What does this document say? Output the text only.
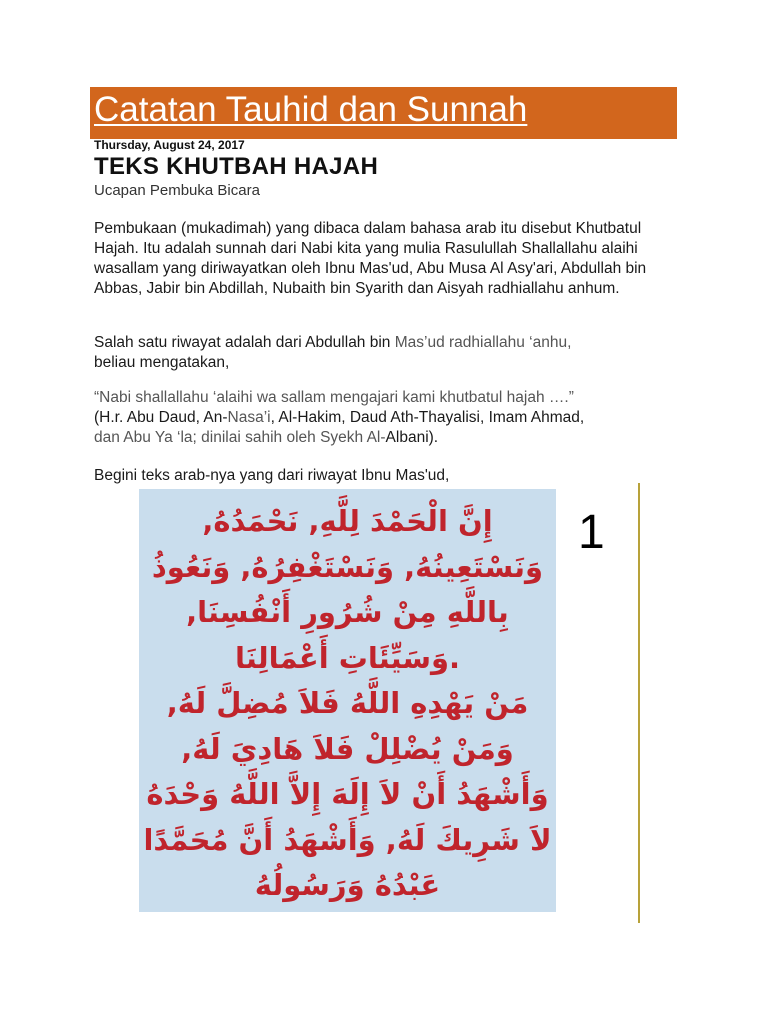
Catatan Tauhid dan Sunnah
Thursday, August 24, 2017
TEKS KHUTBAH HAJAH
Ucapan Pembuka Bicara
Pembukaan (mukadimah) yang dibaca dalam bahasa arab itu disebut Khutbatul Hajah. Itu adalah sunnah dari Nabi kita yang mulia Rasulullah Shallallahu alaihi wasallam yang diriwayatkan oleh Ibnu Mas'ud, Abu Musa Al Asy'ari, Abdullah bin Abbas, Jabir bin Abdillah, Nubaith bin Syarith dan Aisyah radhiallahu anhum.
Salah satu riwayat adalah dari Abdullah bin Mas’ud radhiallahu ‘anhu,
beliau mengatakan,
“Nabi shallallahu ‘alaihi wa sallam mengajari kami khutbatul hajah ….”
(H.r. Abu Daud, An-Nasa’i, Al-Hakim, Daud Ath-Thayalisi, Imam Ahmad,
dan Abu Ya ‘la; dinilai sahih oleh Syekh Al-Albani).
Begini teks arab-nya yang dari riwayat Ibnu Mas'ud,
إِنَّ الْحَمْدَ لِلَّهِ, نَحْمَدُهُ,
وَنَسْتَعِينُهُ, وَنَسْتَغْفِرُهُ, وَنَعُوذُ
بِاللَّهِ مِنْ شُرُورِ أَنْفُسِنَا,
.وَسَيِّئَاتِ أَعْمَالِنَا
مَنْ يَهْدِهِ اللَّهُ فَلاَ مُضِلَّ لَهُ,
وَمَنْ يُضْلِلْ فَلاَ هَادِيَ لَهُ,
وَأَشْهَدُ أَنْ لاَ إِلَهَ إِلاَّ اللَّهُ وَحْدَهُ
لاَ شَرِيكَ لَهُ, وَأَشْهَدُ أَنَّ مُحَمَّدًا
عَبْدُهُ وَرَسُولُهُ
1
